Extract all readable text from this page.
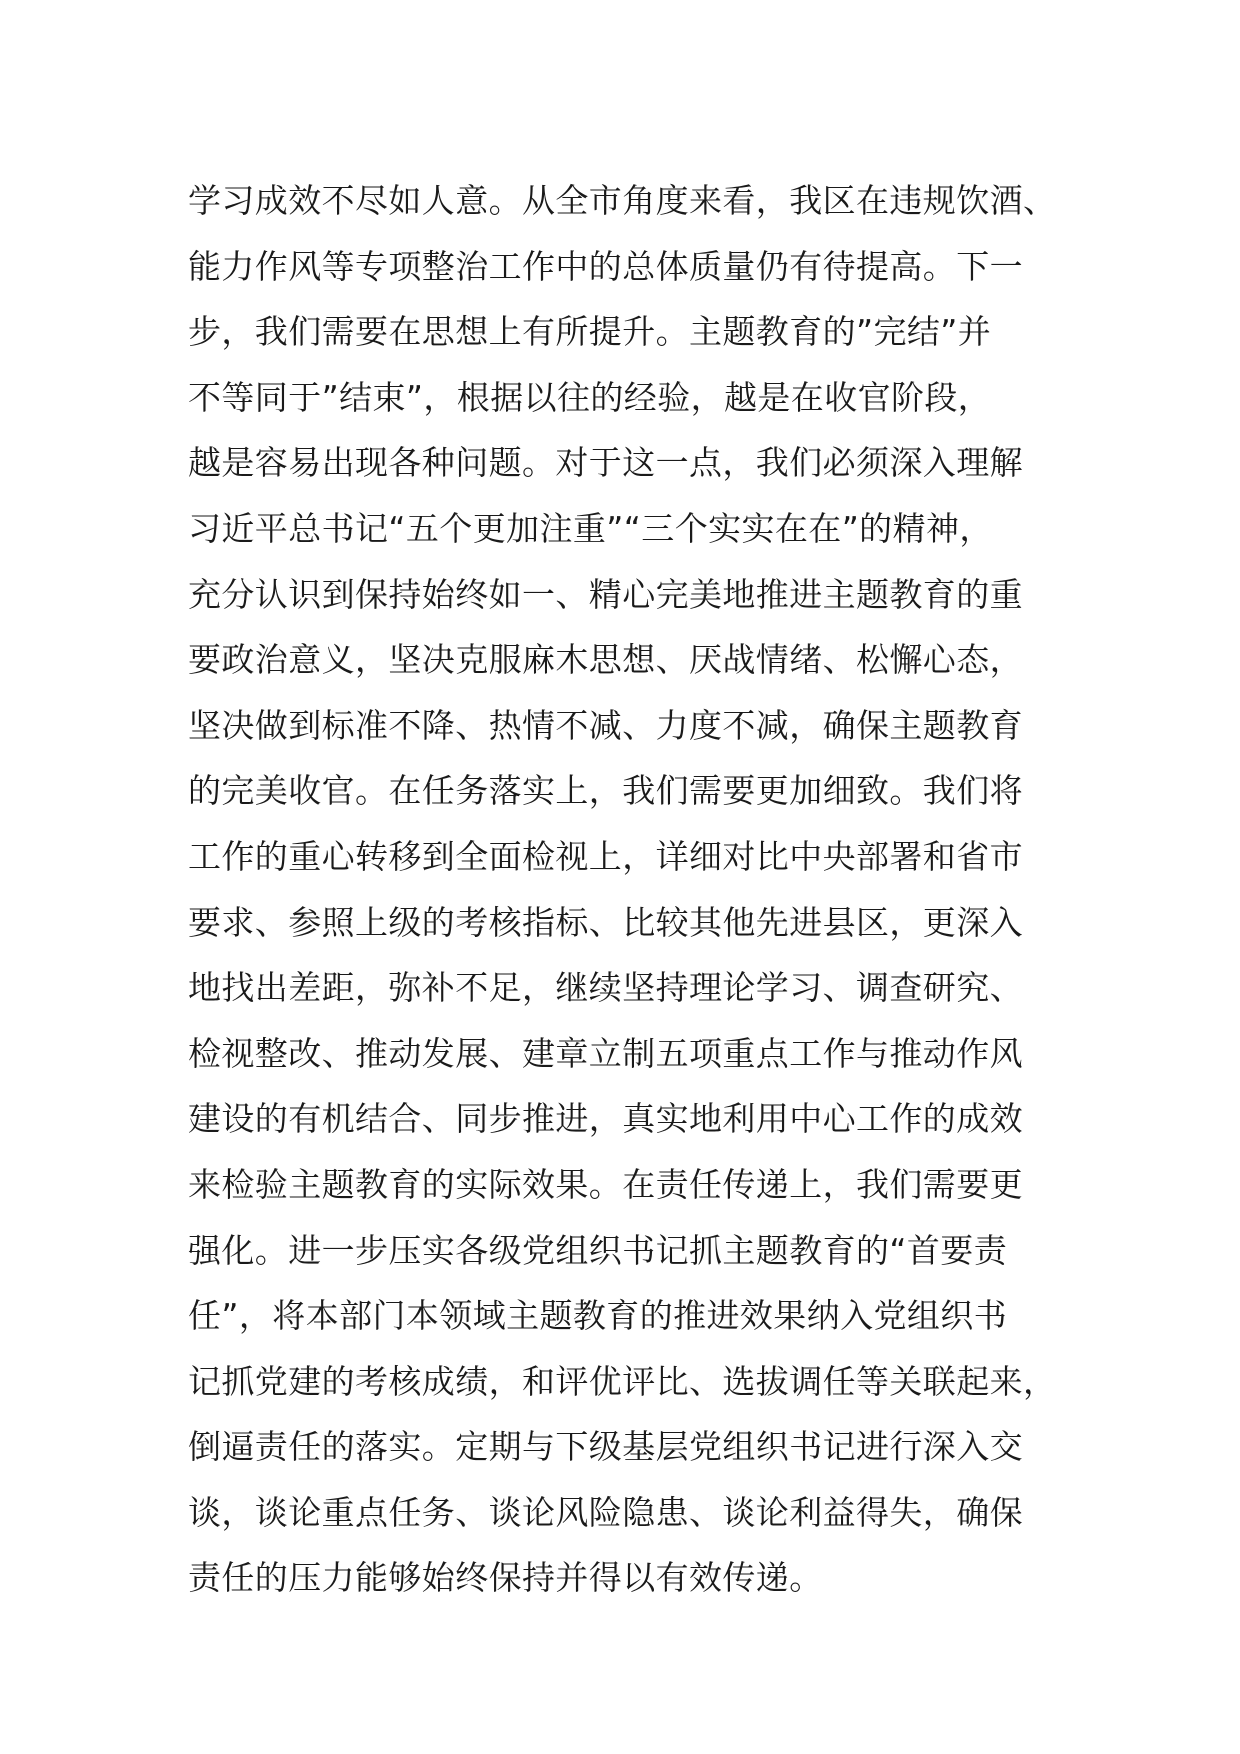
学习成效不尽如人意。从全市角度来看，我区在违规饮酒、
能力作风等专项整治工作中的总体质量仍有待提高。下一
步，我们需要在思想上有所提升。主题教育的”完结”并
不等同于”结束”，根据以往的经验，越是在收官阶段，
越是容易出现各种问题。对于这一点，我们必须深入理解
习近平总书记“五个更加注重”“三个实实在在”的精神，
充分认识到保持始终如一、精心完美地推进主题教育的重
要政治意义，坚决克服麻木思想、厌战情绪、松懈心态，
坚决做到标准不降、热情不减、力度不减，确保主题教育
的完美收官。在任务落实上，我们需要更加细致。我们将
工作的重心转移到全面检视上，详细对比中央部署和省市
要求、参照上级的考核指标、比较其他先进县区，更深入
地找出差距，弥补不足，继续坚持理论学习、调查研究、
检视整改、推动发展、建章立制五项重点工作与推动作风
建设的有机结合、同步推进，真实地利用中心工作的成效
来检验主题教育的实际效果。在责任传递上，我们需要更
强化。进一步压实各级党组织书记抓主题教育的“首要责
任”，将本部门本领域主题教育的推进效果纳入党组织书
记抓党建的考核成绩，和评优评比、选拔调任等关联起来，
倒逼责任的落实。定期与下级基层党组织书记进行深入交
谈，谈论重点任务、谈论风险隐患、谈论利益得失，确保
责任的压力能够始终保持并得以有效传递。
